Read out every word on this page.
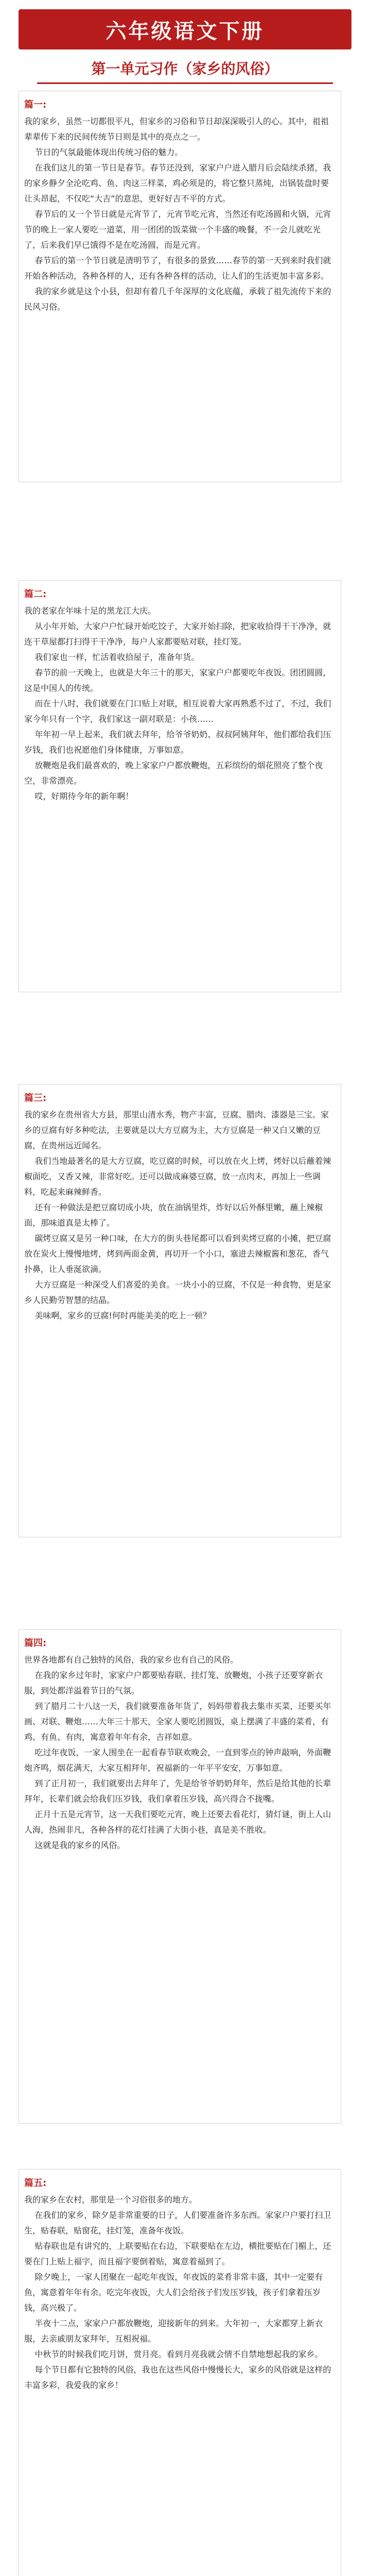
六年级语文下册
第一单元习作（家乡的风俗）

篇一:

我的家乡，虽然一切都很平凡，但家乡的习俗和节日却深深吸引人的心。其中，祖祖辈辈传下来的民间传统节日则是其中的亮点之一。
节日的气氛最能体现出传统习俗的魅力。
在我们这儿的第一节日是春节。春节还没到，家家户户进入腊月后会陆续杀猪，我的家乡静夕全沦吃鸡、鱼、肉这三样菜，鸡必须是的，将它整只蒸炖，出锅装盘时要让头昂起，不仅吃“大吉”的意思，更好好吉不平的方式。
春节后的又一个节日就是元宵节了，元宵节吃元宵，当然还有吃汤圆和火锅，元宵节的晚上一家人要吃一道菜，用一团团的饭菜做一个丰盛的晚餐，不一会儿就吃光了，后来我们早已饿得不是在吃汤圆，而是元宵。
春节后的第一个节日就是清明节了，有很多的景致……春节的第一天到来时我们就开始各种活动，各种各样的人，还有各种各样的活动，让人们的生活更加丰富多彩。
我的家乡就是这个小县，但却有着几千年深厚的文化底蕴，承载了祖先流传下来的民风习俗。

篇二:

我的老家在年味十足的黑龙江大庆。
从小年开始，大家户户忙碌开始吃饺子，大家开始扫除，把家收拾得干干净净，就连干草屋都打扫得干干净净，每户人家都要贴对联，挂灯笼。
我们家也一样，忙活着收拾屋子，准备年货。
春节的前一天晚上，也就是大年三十的那天，家家户户都要吃年夜饭。团团圆圆，这是中国人的传统。
而在十八时，我们就要在门口贴上对联，相互说着大家再熟悉不过了，不过，我们家今年只有一个字，我们家这一副对联是：小孩……
年年初一早上起来，我们就去拜年，给爷爷奶奶、叔叔阿姨拜年，他们都给我们压岁钱，我们也祝愿他们身体健康，万事如意。
放鞭炮是我们最喜欢的，晚上家家户户都放鞭炮，五彩缤纷的烟花照亮了整个夜空，非常漂亮。
哎，好期待今年的新年啊！

篇三:

我的家乡在贵州省大方县，那里山清水秀，物产丰富，豆腐、腊肉、漆器是三宝。家乡的豆腐有好多种吃法，主要就是以大方豆腐为主，大方豆腐是一种又白又嫩的豆腐，在贵州远近闻名。
我们当地最著名的是大方豆腐，吃豆腐的时候，可以放在火上烤，烤好以后蘸着辣椒面吃，又香又辣，非常好吃。还可以做成麻婆豆腐，放一点肉末，再加上一些调料，吃起来麻辣鲜香。
还有一种做法是把豆腐切成小块，放在油锅里炸，炸好以后外酥里嫩，蘸上辣椒面，那味道真是太棒了。
碳烤豆腐又是另一种口味，在大方的街头巷尾都可以看到卖烤豆腐的小摊，把豆腐放在炭火上慢慢地烤，烤到两面金黄，再切开一个小口，塞进去辣椒酱和葱花，香气扑鼻，让人垂涎欲滴。
大方豆腐是一种深受人们喜爱的美食。一块小小的豆腐，不仅是一种食物，更是家乡人民勤劳智慧的结晶。
美味啊，家乡的豆腐!何时再能美美的吃上一顿？

篇四:

世界各地都有自己独特的风俗，我的家乡也有自己的风俗。
在我的家乡过年时，家家户户都要贴春联、挂灯笼、放鞭炮，小孩子还要穿新衣服，到处都洋溢着节日的气氛。
到了腊月二十八这一天，我们就要准备年货了，妈妈带着我去集市买菜，还要买年画、对联、鞭炮……大年三十那天，全家人要吃团圆饭，桌上摆满了丰盛的菜肴，有鸡、有鱼、有肉，寓意着年年有余，吉祥如意。
吃过年夜饭，一家人围坐在一起看春节联欢晚会，一直到零点的钟声敲响，外面鞭炮齐鸣，烟花满天，大家互相拜年，祝福新的一年平平安安，万事如意。
到了正月初一，我们就要出去拜年了，先是给爷爷奶奶拜年，然后是给其他的长辈拜年，长辈们就会给我们压岁钱，我们拿着压岁钱，高兴得合不拢嘴。
正月十五是元宵节，这一天我们要吃元宵，晚上还要去看花灯，猜灯谜，街上人山人海，热闹非凡，各种各样的花灯挂满了大街小巷，真是美不胜收。
这就是我的家乡的风俗。

篇五:

我的家乡在农村，那里是一个习俗很多的地方。
在我们的家乡，除夕是非常重要的日子，人们要准备许多东西。家家户户要打扫卫生，贴春联，贴窗花，挂灯笼，准备年夜饭。
贴春联也是有讲究的，上联要贴在右边，下联要贴在左边，横批要贴在门楣上，还要在门上贴上福字，而且福字要倒着贴，寓意着福到了。
除夕晚上，一家人团聚在一起吃年夜饭，年夜饭的菜肴非常丰盛，其中一定要有鱼，寓意着年年有余。吃完年夜饭，大人们会给孩子们发压岁钱，孩子们拿着压岁钱，高兴极了。
半夜十二点，家家户户都放鞭炮，迎接新年的到来。大年初一，大家都穿上新衣服，去亲戚朋友家拜年，互相祝福。
中秋节的时候我们吃月饼，赏月亮。看到月亮我就会情不自禁地想起我的家乡。
每个节日都有它独特的风俗，我也在这些风俗中慢慢长大，家乡的风俗就是这样的丰富多彩，我爱我的家乡！
